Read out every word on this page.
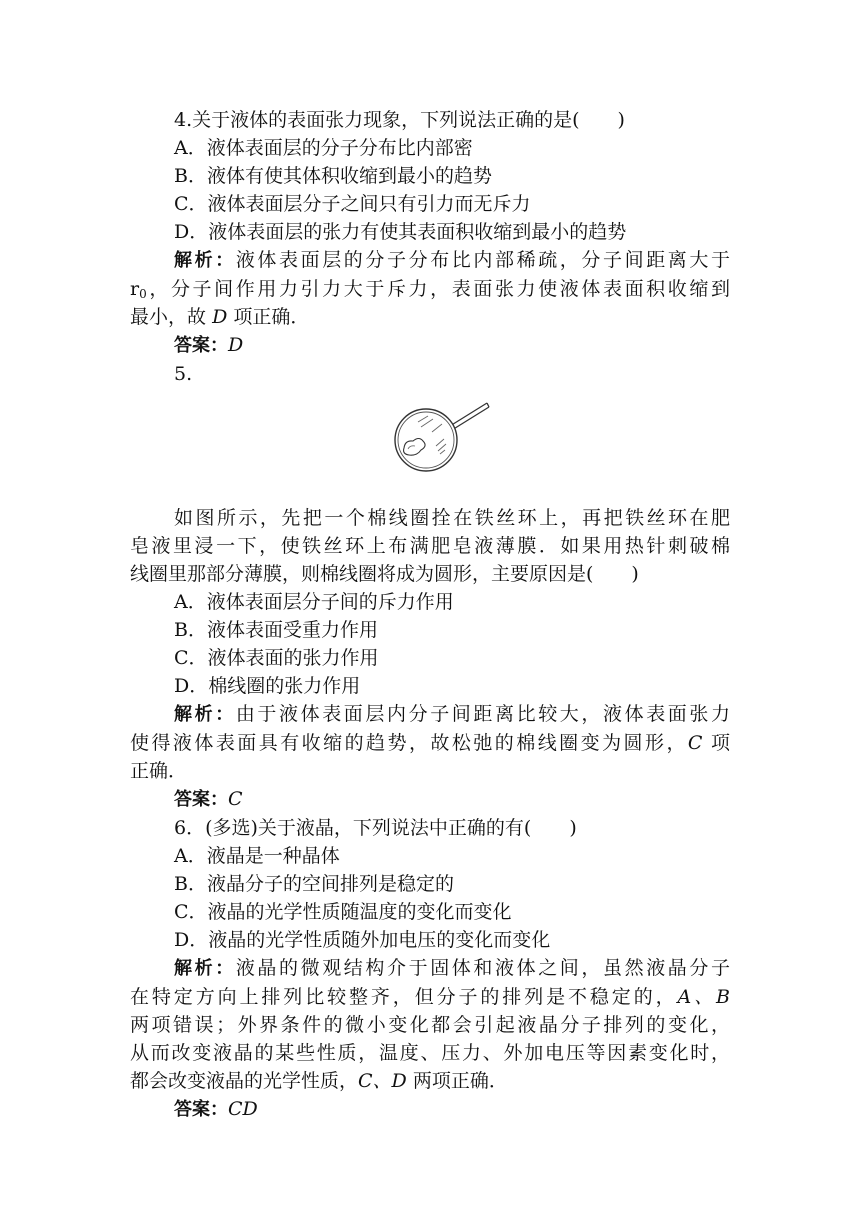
4.关于液体的表面张力现象，下列说法正确的是(　　)
A．液体表面层的分子分布比内部密
B．液体有使其体积收缩到最小的趋势
C．液体表面层分子之间只有引力而无斥力
D．液体表面层的张力有使其表面积收缩到最小的趋势
解析：液体表面层的分子分布比内部稀疏，分子间距离大于
$r_0$，分子间作用力引力大于斥力，表面张力使液体表面积收缩到
最小，故 D 项正确．
答案：D
5.
如图所示，先把一个棉线圈拴在铁丝环上，再把铁丝环在肥
皂液里浸一下，使铁丝环上布满肥皂液薄膜．如果用热针刺破棉
线圈里那部分薄膜，则棉线圈将成为圆形，主要原因是(　　)
A．液体表面层分子间的斥力作用
B．液体表面受重力作用
C．液体表面的张力作用
D．棉线圈的张力作用
解析：由于液体表面层内分子间距离比较大，液体表面张力
使得液体表面具有收缩的趋势，故松弛的棉线圈变为圆形，C 项
正确．
答案：C
6．(多选)关于液晶，下列说法中正确的有(　　)
A．液晶是一种晶体
B．液晶分子的空间排列是稳定的
C．液晶的光学性质随温度的变化而变化
D．液晶的光学性质随外加电压的变化而变化
解析：液晶的微观结构介于固体和液体之间，虽然液晶分子
在特定方向上排列比较整齐，但分子的排列是不稳定的，A、B
两项错误；外界条件的微小变化都会引起液晶分子排列的变化，
从而改变液晶的某些性质，温度、压力、外加电压等因素变化时，
都会改变液晶的光学性质，C、D 两项正确．
答案：CD
